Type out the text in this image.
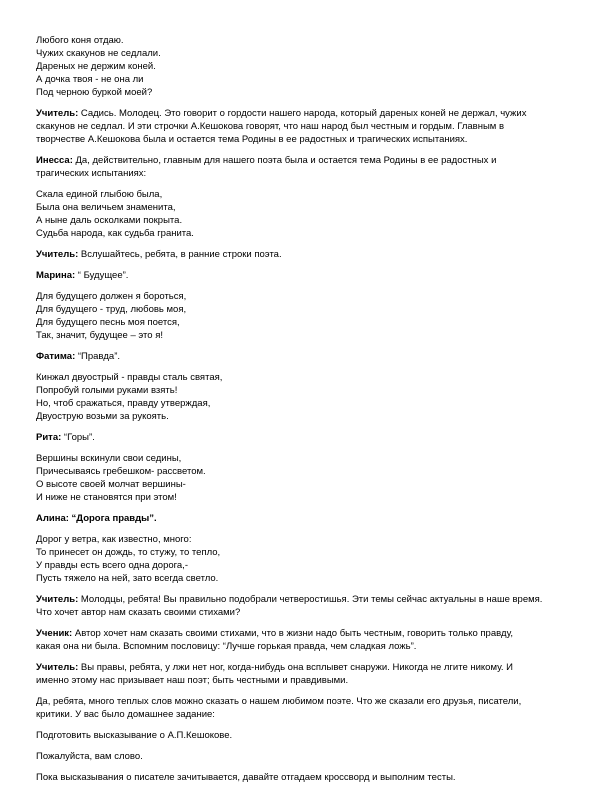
Любого коня отдаю.
Чужих скакунов не седлали.
Дареных не держим коней.
А дочка твоя - не она ли
Под черною буркой моей?
Учитель: Садись. Молодец. Это говорит о гордости нашего народа, который дареных коней не держал, чужих
скакунов не седлал. И эти строчки А.Кешокова говорят, что наш народ был честным и гордым. Главным в
творчестве А.Кешокова была и остается тема Родины в ее радостных и трагических испытаниях.
Инесса: Да, действительно, главным для нашего поэта была и остается тема Родины в ее радостных и
трагических испытаниях:
Скала единой глыбою была,
Была она величьем знаменита,
А ныне даль осколками покрыта.
Судьба народа, как судьба гранита.
Учитель: Вслушайтесь, ребята, в ранние строки поэта.
Марина: “ Будущее”.
Для будущего должен я бороться,
Для будущего - труд, любовь моя,
Для будущего песнь моя поется,
Так, значит, будущее – это я!
Фатима: “Правда”.
Кинжал двуострый - правды сталь святая,
Попробуй голыми руками взять!
Но, чтоб сражаться, правду утверждая,
Двуострую возьми за рукоять.
Рита: “Горы”.
Вершины вскинули свои седины,
Причесываясь гребешком- рассветом.
О высоте своей молчат вершины-
И ниже не становятся при этом!
Алина: “Дорога правды”.
Дорог у ветра, как известно, много:
То принесет он дождь, то стужу, то тепло,
У правды есть всего одна дорога,-
Пусть тяжело на ней, зато всегда светло.
Учитель: Молодцы, ребята! Вы правильно подобрали четверостишья. Эти темы сейчас актуальны в наше время.
Что хочет автор нам сказать своими стихами?
Ученик: Автор хочет нам сказать своими стихами, что в жизни надо быть честным, говорить только правду,
какая она ни была. Вспомним пословицу: “Лучше горькая правда, чем сладкая ложь”.
Учитель: Вы правы, ребята, у лжи нет ног, когда-нибудь она всплывет снаружи. Никогда не лгите никому. И
именно этому нас призывает наш поэт; быть честными и правдивыми.
Да, ребята, много теплых слов можно сказать о нашем любимом поэте. Что же сказали его друзья, писатели,
критики. У вас было домашнее задание:
Подготовить высказывание о А.П.Кешокове.
Пожалуйста, вам слово.
Пока высказывания о писателе зачитывается, давайте отгадаем кроссворд и выполним тесты.
